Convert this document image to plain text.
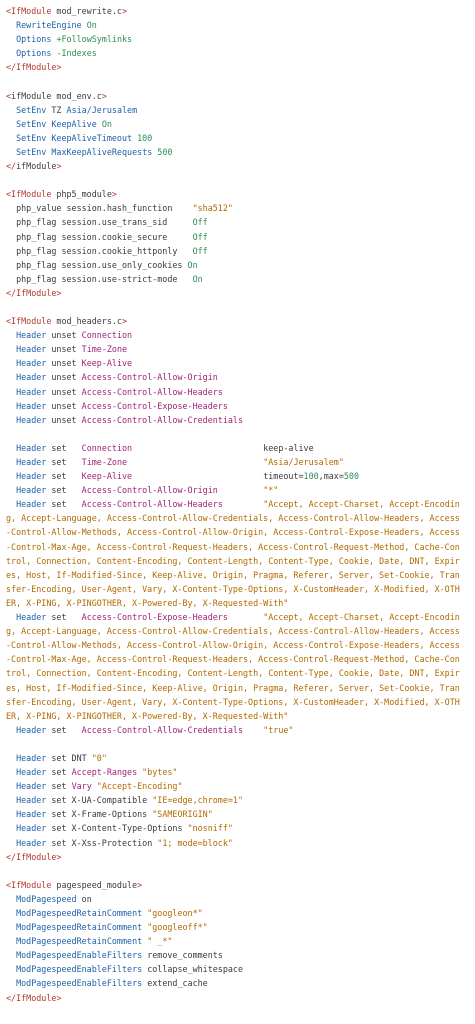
<IfModule mod_rewrite.c>
RewriteEngine On
Options +FollowSymlinks
Options -Indexes
</IfModule>
<ifModule mod_env.c>
SetEnv TZ Asia/Jerusalem
SetEnv KeepAlive On
SetEnv KeepAliveTimeout 100
SetEnv MaxKeepAliveRequests 500
</ifModule>
<IfModule php5_module>
php_value session.hash_function    "sha512"
php_flag session.use_trans_sid     Off
php_flag session.cookie_secure     Off
php_flag session.cookie_httponly   Off
php_flag session.use_only_cookies On
php_flag session.use-strict-mode   On
</IfModule>
<IfModule mod_headers.c>
Header unset Connection
Header unset Time-Zone
Header unset Keep-Alive
Header unset Access-Control-Allow-Origin
Header unset Access-Control-Allow-Headers
Header unset Access-Control-Expose-Headers
Header unset Access-Control-Allow-Credentials
Header set   Connection                          keep-alive
Header set   Time-Zone                           "Asia/Jerusalem"
Header set   Keep-Alive                          timeout=100,max=500
Header set   Access-Control-Allow-Origin         "*"
Header set   Access-Control-Allow-Headers        "Accept, Accept-Charset, Accept-Encoding, Accept-Language, Access-Control-Allow-Credentials, Access-Control-Allow-Headers, Access-Control-Allow-Methods, Access-Control-Allow-Origin, Access-Control-Expose-Headers, Access-Control-Max-Age, Access-Control-Request-Headers, Access-Control-Request-Method, Cache-Control, Connection, Content-Encoding, Content-Length, Content-Type, Cookie, Date, DNT, Expires, Host, If-Modified-Since, Keep-Alive, Origin, Pragma, Referer, Server, Set-Cookie, Transfer-Encoding, User-Agent, Vary, X-Content-Type-Options, X-CustomHeader, X-Modified, X-OTHER, X-PING, X-PINGOTHER, X-Powered-By, X-Requested-With"
Header set   Access-Control-Expose-Headers       "Accept, Accept-Charset, Accept-Encoding, Accept-Language, Access-Control-Allow-Credentials, Access-Control-Allow-Headers, Access-Control-Allow-Methods, Access-Control-Allow-Origin, Access-Control-Expose-Headers, Access-Control-Max-Age, Access-Control-Request-Headers, Access-Control-Request-Method, Cache-Control, Connection, Content-Encoding, Content-Length, Content-Type, Cookie, Date, DNT, Expires, Host, If-Modified-Since, Keep-Alive, Origin, Pragma, Referer, Server, Set-Cookie, Transfer-Encoding, User-Agent, Vary, X-Content-Type-Options, X-CustomHeader, X-Modified, X-OTHER, X-PING, X-PINGOTHER, X-Powered-By, X-Requested-With"
Header set   Access-Control-Allow-Credentials    "true"
Header set DNT "0"
Header set Accept-Ranges "bytes"
Header set Vary "Accept-Encoding"
Header set X-UA-Compatible "IE=edge,chrome=1"
Header set X-Frame-Options "SAMEORIGIN"
Header set X-Content-Type-Options "nosniff"
Header set X-Xss-Protection "1; mode=block"
</IfModule>
<IfModule pagespeed_module>
ModPagespeed on
ModPagespeedRetainComment "googleon*"
ModPagespeedRetainComment "googleoff*"
ModPagespeedRetainComment " _*"
ModPagespeedEnableFilters remove_comments
ModPagespeedEnableFilters collapse_whitespace
ModPagespeedEnableFilters extend_cache
</IfModule>
